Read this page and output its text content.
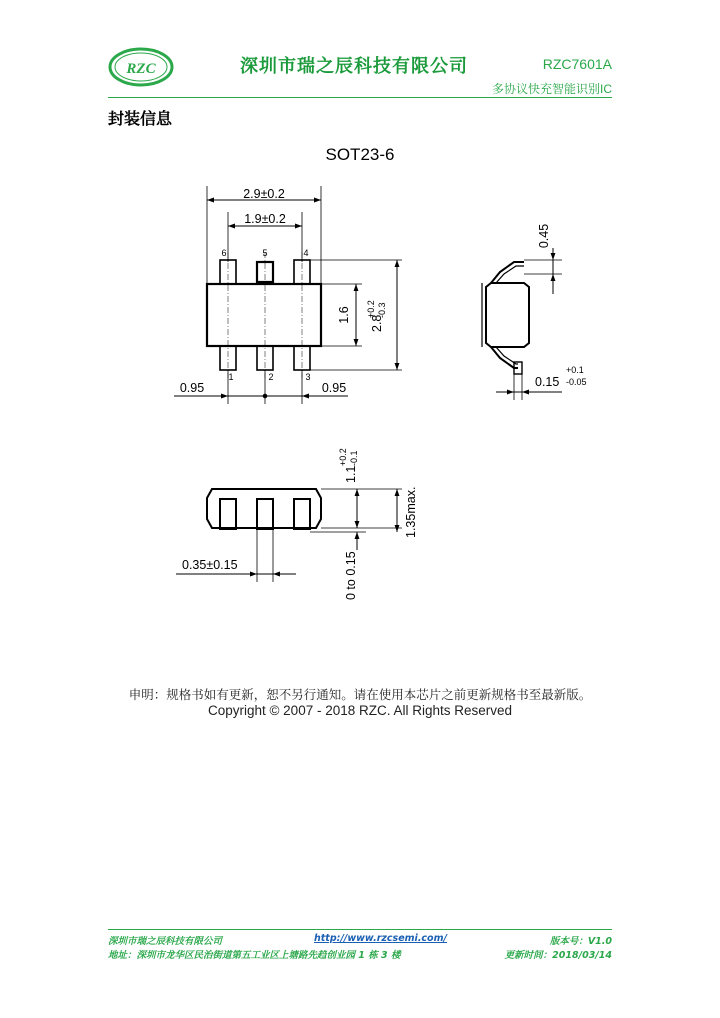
RZC	深圳市瑞之辰科技有限公司	RZC7601A
多协议快充智能识别IC
封装信息
SOT23-6
2.9±0.2
1.9±0.2
6	5	4
1	2	3
0.95	0.95
1.6 2.8
+0.2 -0.3
0.45
0.15
+0.1
-0.05
1.1
+0.2 -0.1
1.35max.
0 to 0.15
0.35±0.15
申明：规格书如有更新，恕不另行通知。请在使用本芯片之前更新规格书至最新版。
Copyright © 2007 - 2018 RZC. All Rights Reserved
深圳市瑞之辰科技有限公司	http://www.rzcsemi.com/	版本号：V1.0
地址：深圳市龙华区民治街道第五工业区上塘路先趋创业园 1 栋 3 楼	更新时间：2018/03/14
